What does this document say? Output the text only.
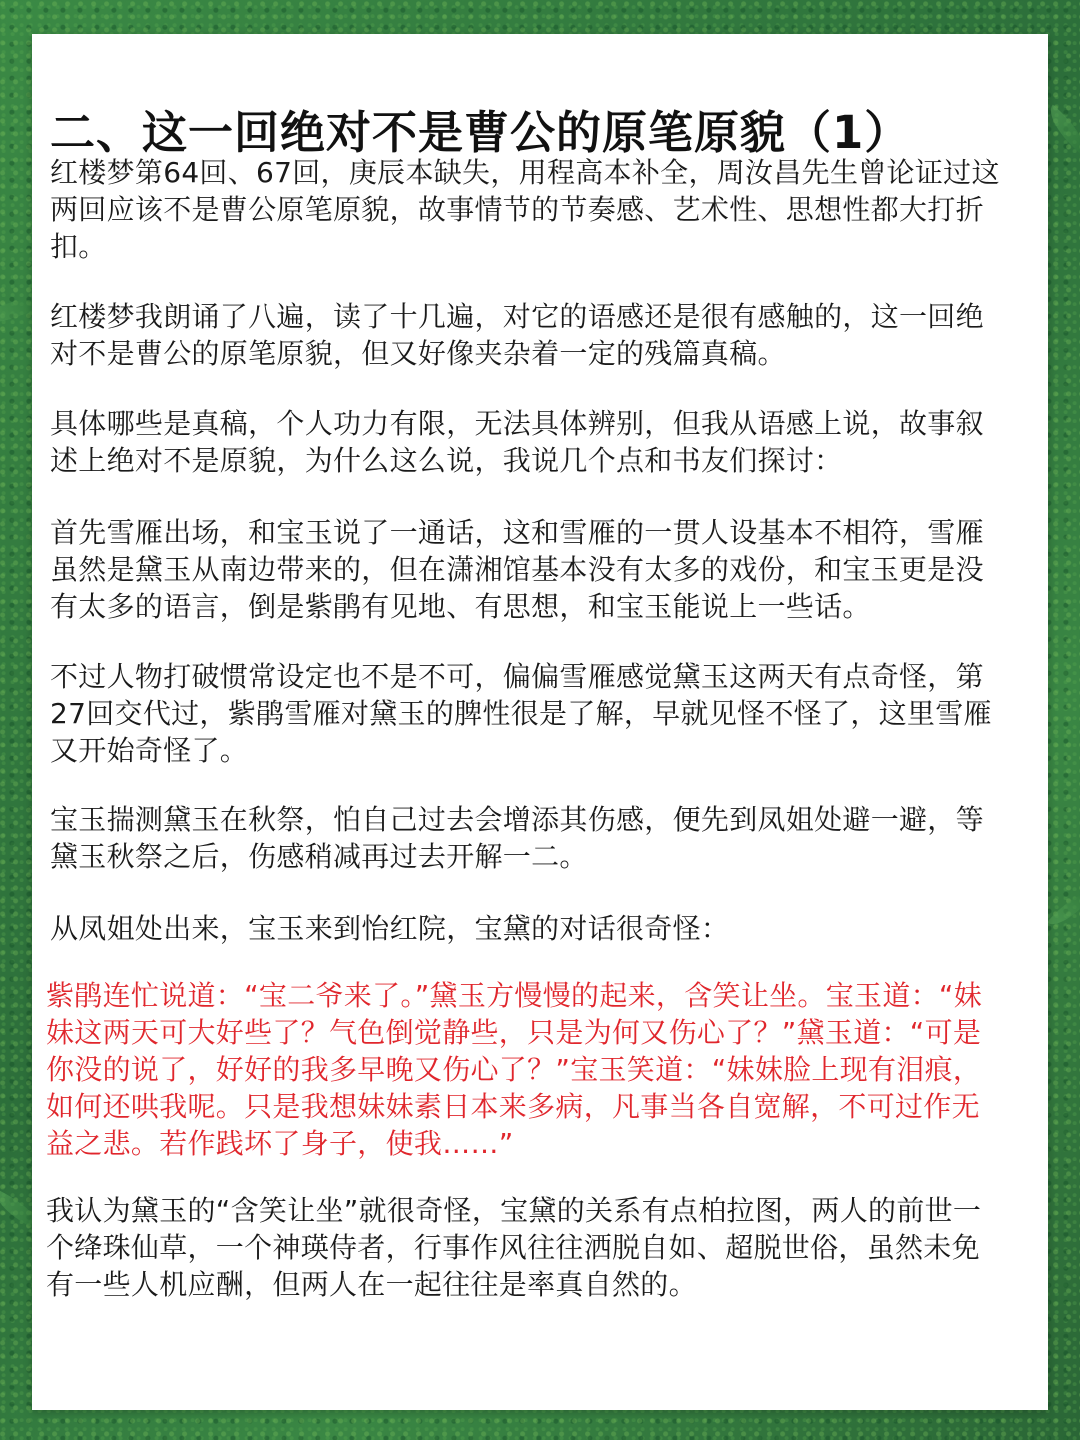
二、这一回绝对不是曹公的原笔原貌（1）

红楼梦第64回、67回，庚辰本缺失，用程高本补全，周汝昌先生曾论证过这两回应该不是曹公原笔原貌，故事情节的节奏感、艺术性、思想性都大打折扣。

红楼梦我朗诵了八遍，读了十几遍，对它的语感还是很有感触的，这一回绝对不是曹公的原笔原貌，但又好像夹杂着一定的残篇真稿。

具体哪些是真稿，个人功力有限，无法具体辨别，但我从语感上说，故事叙述上绝对不是原貌，为什么这么说，我说几个点和书友们探讨：

首先雪雁出场，和宝玉说了一通话，这和雪雁的一贯人设基本不相符，雪雁虽然是黛玉从南边带来的，但在潇湘馆基本没有太多的戏份，和宝玉更是没有太多的语言，倒是紫鹃有见地、有思想，和宝玉能说上一些话。

不过人物打破惯常设定也不是不可，偏偏雪雁感觉黛玉这两天有点奇怪，第27回交代过，紫鹃雪雁对黛玉的脾性很是了解，早就见怪不怪了，这里雪雁又开始奇怪了。

宝玉揣测黛玉在秋祭，怕自己过去会增添其伤感，便先到凤姐处避一避，等黛玉秋祭之后，伤感稍减再过去开解一二。

从凤姐处出来，宝玉来到怡红院，宝黛的对话很奇怪：

紫鹃连忙说道：“宝二爷来了。”黛玉方慢慢的起来，含笑让坐。宝玉道：“妹妹这两天可大好些了？气色倒觉静些，只是为何又伤心了？”黛玉道：“可是你没的说了，好好的我多早晚又伤心了？”宝玉笑道：“妹妹脸上现有泪痕，如何还哄我呢。只是我想妹妹素日本来多病，凡事当各自宽解，不可过作无益之悲。若作践坏了身子，使我……”

我认为黛玉的“含笑让坐”就很奇怪，宝黛的关系有点柏拉图，两人的前世一个绛珠仙草，一个神瑛侍者，行事作风往往洒脱自如、超脱世俗，虽然未免有一些人机应酬，但两人在一起往往是率真自然的。
